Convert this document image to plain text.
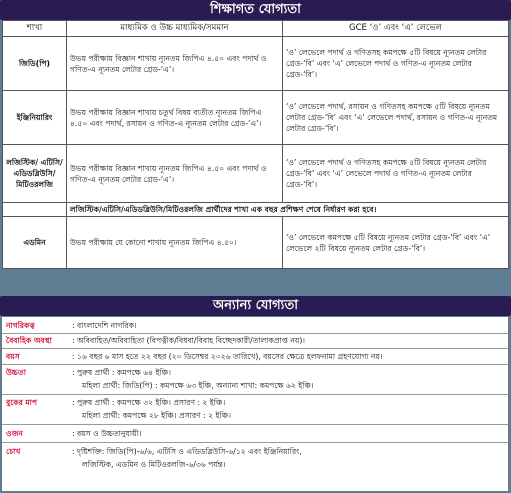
শিক্ষাগত যোগ্যতা
শাখা	মাধ্যমিক ও উচ্চ মাধ্যমিক/সমমান	GCE ‘ও’ এবং ‘এ’ লেভেল
জিডি(পি)	উভয় পরীক্ষায় বিজ্ঞান শাখায় ন্যূনতম জিপিএ ৪.৫০ এবং পদার্থ ও গণিত-এ ন্যূনতম লেটার গ্রেড-‘এ’।	‘ও’ লেভেলে পদার্থ ও গণিতসহ কমপক্ষে ৫টি বিষয়ে ন্যূনতম লেটার গ্রেড-‘বি’ এবং ‘এ’ লেভেলে পদার্থ ও গণিত-এ ন্যূনতম লেটার গ্রেড-‘বি’।
ইঞ্জিনিয়ারিং	উভয় পরীক্ষায় বিজ্ঞান শাখায় চতুর্থ বিষয় ব্যতীত ন্যূনতম জিপিএ ৪.৫০ এবং পদার্থ, রসায়ন ও গণিত-এ ন্যূনতম লেটার গ্রেড-‘এ’।	‘ও’ লেভেলে পদার্থ, রসায়ন ও গণিতসহ কমপক্ষে ৫টি বিষয়ে ন্যূনতম লেটার গ্রেড-‘বি’ এবং ‘এ’ লেভেলে পদার্থ, রসায়ন ও গণিত-এ ন্যূনতম লেটার গ্রেড-‘বি’।
লজিস্টিক/ এটিসি/ এডিডব্লিউসি/ মিটিওরলজি	উভয় পরীক্ষায় বিজ্ঞান শাখায় ন্যূনতম জিপিএ ৪.৫০ এবং পদার্থ ও গণিত-এ ন্যূনতম লেটার গ্রেড-‘এ’।	‘ও’ লেভেলে পদার্থ ও গণিতসহ কমপক্ষে ৫টি বিষয়ে ন্যূনতম লেটার গ্রেড-‘বি’ এবং ‘এ’ লেভেলে পদার্থ ও গণিত-এ ন্যূনতম লেটার গ্রেড-‘বি’।
	লজিস্টিক/এটিসি/এডিডব্লিউসি/মিটিওরলজি প্রার্থীদের শাখা এক বছর প্রশিক্ষণ শেষে নির্ধারণ করা হবে।	
এডমিন	উভয় পরীক্ষায় যে কোনো শাখায় ন্যূনতম জিপিএ ৪.৫০।	‘ও’ লেভেলে কমপক্ষে ৫টি বিষয়ে ন্যূনতম লেটার গ্রেড-‘বি’ এবং ‘এ’ লেভেলে ২টি বিষয়ে ন্যূনতম লেটার গ্রেড-‘বি’।
অন্যান্য যোগ্যতা
নাগরিকত্ব	: বাংলাদেশি নাগরিক।
বৈবাহিক অবস্থা	: অবিবাহিত/অবিবাহিতা (বিপত্নীক/বিধবা/বিবাহ বিচ্ছেদকারী/তালাকপ্রাপ্ত নয়)।
বয়স	: ১৬ বছর ৬ মাস হতে ২২ বছর (২০ ডিসেম্বর ২০২৬ তারিখে), বয়সের ক্ষেত্রে হলফনামা গ্রহণযোগ্য নয়।
উচ্চতা	: পুরুষ প্রার্থী : কমপক্ষে ৬৪ ইঞ্চি।
মহিলা প্রার্থী: জিডি(পি) : কমপক্ষে ৬৩ ইঞ্চি, অন্যান্য শাখা: কমপক্ষে ৬২ ইঞ্চি।
বুকের মাপ	: পুরুষ প্রার্থী : কমপক্ষে ৩২ ইঞ্চি। প্রসারণ : ২ ইঞ্চি।
মহিলা প্রার্থী: কমপক্ষে ২৮ ইঞ্চি। প্রসারণ : ২ ইঞ্চি।
ওজন	: বয়স ও উচ্চতানুযায়ী।
চোখ	: দৃষ্টিশক্তি: জিডি(পি)-৬/৬, এটিসি ও এডিডব্লিউসি-৬/১২ এবং ইঞ্জিনিয়ারিং,
লজিস্টিক, এডমিন ও মিটিওরলজি-৬/৩৬ পর্যন্ত।
